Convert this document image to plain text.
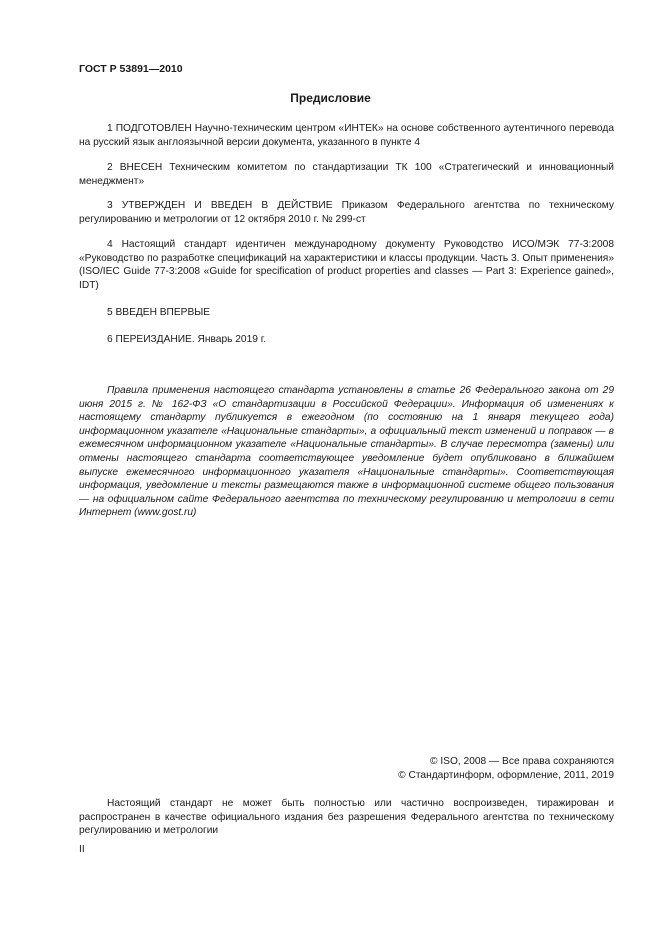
ГОСТ Р 53891—2010
Предисловие

1 ПОДГОТОВЛЕН Научно-техническим центром «ИНТЕК» на основе собственного аутентичного перевода на русский язык англоязычной версии документа, указанного в пункте 4

2 ВНЕСЕН Техническим комитетом по стандартизации ТК 100 «Стратегический и инновационный менеджмент»

3 УТВЕРЖДЕН И ВВЕДЕН В ДЕЙСТВИЕ Приказом Федерального агентства по техническому регулированию и метрологии от 12 октября 2010 г. № 299-ст

4 Настоящий стандарт идентичен международному документу Руководство ИСО/МЭК 77-3:2008 «Руководство по разработке спецификаций на характеристики и классы продукции. Часть 3. Опыт применения» (ISO/IEC Guide 77-3:2008 «Guide for specification of product properties and classes — Part 3: Experience gained», IDT)

5 ВВЕДЕН ВПЕРВЫЕ

6 ПЕРЕИЗДАНИЕ. Январь 2019 г.

Правила применения настоящего стандарта установлены в статье 26 Федерального закона от 29 июня 2015 г. № 162-ФЗ «О стандартизации в Российской Федерации». Информация об изменениях к настоящему стандарту публикуется в ежегодном (по состоянию на 1 января текущего года) информационном указателе «Национальные стандарты», а официальный текст изменений и поправок — в ежемесячном информационном указателе «Национальные стандарты». В случае пересмотра (замены) или отмены настоящего стандарта соответствующее уведомление будет опубликовано в ближайшем выпуске ежемесячного информационного указателя «Национальные стандарты». Соответствующая информация, уведомление и тексты размещаются также в информационной системе общего пользования — на официальном сайте Федерального агентства по техническому регулированию и метрологии в сети Интернет (www.gost.ru)

© ISO, 2008 — Все права сохраняются
© Стандартинформ, оформление, 2011, 2019

Настоящий стандарт не может быть полностью или частично воспроизведен, тиражирован и распространен в качестве официального издания без разрешения Федерального агентства по техническому регулированию и метрологии

II
